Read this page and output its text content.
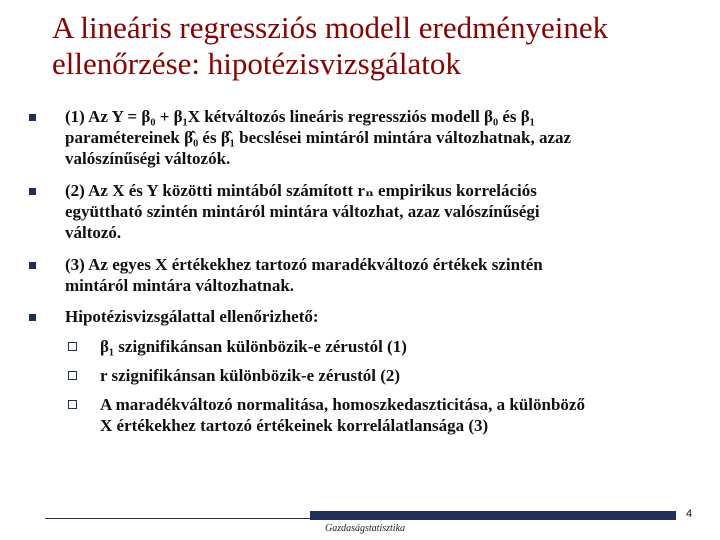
A lineáris regressziós modell eredményeinek
ellenőrzése: hipotézisvizsgálatok
(1) Az Y = β₀ + β₁X kétváltozós lineáris regressziós modell β₀ és β₁
paramétereinek β̂₀ és β̂₁ becslései mintáról mintára változhatnak, azaz
valószínűségi változók.
(2) Az X és Y közötti mintából számított rₙ empirikus korrelációs
együttható szintén mintáról mintára változhat, azaz valószínűségi
változó.
(3) Az egyes X értékekhez tartozó maradékváltozó értékek szintén
mintáról mintára változhatnak.
Hipotézisvizsgálattal ellenőrizhető:
β₁ szignifikánsan különbözik-e zérustól (1)
r szignifikánsan különbözik-e zérustól (2)
A maradékváltozó normalitása, homoszkedaszticitása, a különböző
X értékekhez tartozó értékeinek korrelálatlansága (3)
4
Gazdaságstatisztika
